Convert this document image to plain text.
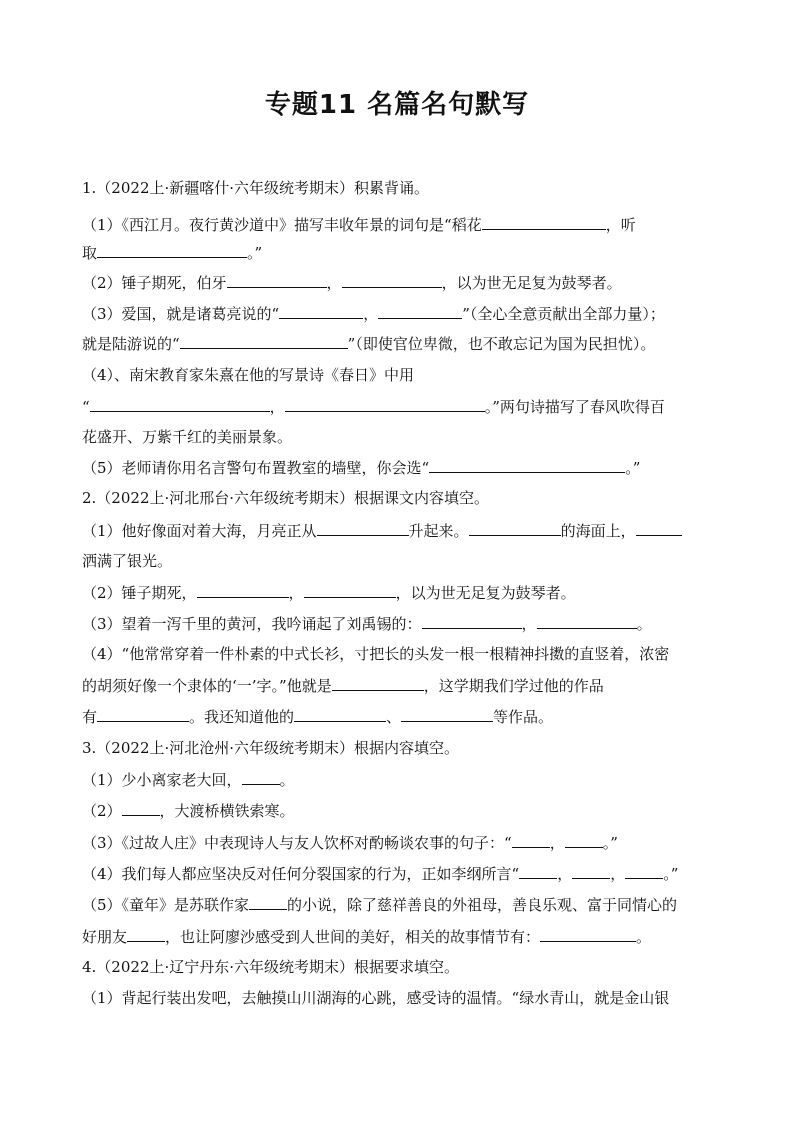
专题11 名篇名句默写
1.（2022上·新疆喀什·六年级统考期末）积累背诵。
（1）《西江月。夜行黄沙道中》描写丰收年景的词句是“稻花	，听
取	。”
（2）锤子期死，伯牙	，	，以为世无足复为鼓琴者。
（3）爱国，就是诸葛亮说的“	，	”（全心全意贡献出全部力量）；
就是陆游说的“	”（即使官位卑微，也不敢忘记为国为民担忧）。
（4）、南宋教育家朱熹在他的写景诗《春日》中用
“	，	。”两句诗描写了春风吹得百
花盛开、万紫千红的美丽景象。
（5）老师请你用名言警句布置教室的墙壁，你会选“	。”
2.（2022上·河北邢台·六年级统考期末）根据课文内容填空。
（1）他好像面对着大海，月亮正从	升起来。	的海面上，
洒满了银光。
（2）锤子期死，	，	，以为世无足复为鼓琴者。
（3）望着一泻千里的黄河，我吟诵起了刘禹锡的：	，	。
（4）“他常常穿着一件朴素的中式长衫，寸把长的头发一根一根精神抖擞的直竖着，浓密
的胡须好像一个隶体的‘一’字。”他就是	，这学期我们学过他的作品
有	。我还知道他的	、	等作品。
3.（2022上·河北沧州·六年级统考期末）根据内容填空。
（1）少小离家老大回，	。
（2）	，大渡桥横铁索寒。
（3）《过故人庄》中表现诗人与友人饮杯对酌畅谈农事的句子：“	，	。”
（4）我们每人都应坚决反对任何分裂国家的行为，正如李纲所言“	，	，	。”
（5）《童年》是苏联作家	的小说，除了慈祥善良的外祖母，善良乐观、富于同情心的
好朋友	，也让阿廖沙感受到人世间的美好，相关的故事情节有：	。
4.（2022上·辽宁丹东·六年级统考期末）根据要求填空。
（1）背起行装出发吧，去触摸山川湖海的心跳，感受诗的温情。“绿水青山，就是金山银
